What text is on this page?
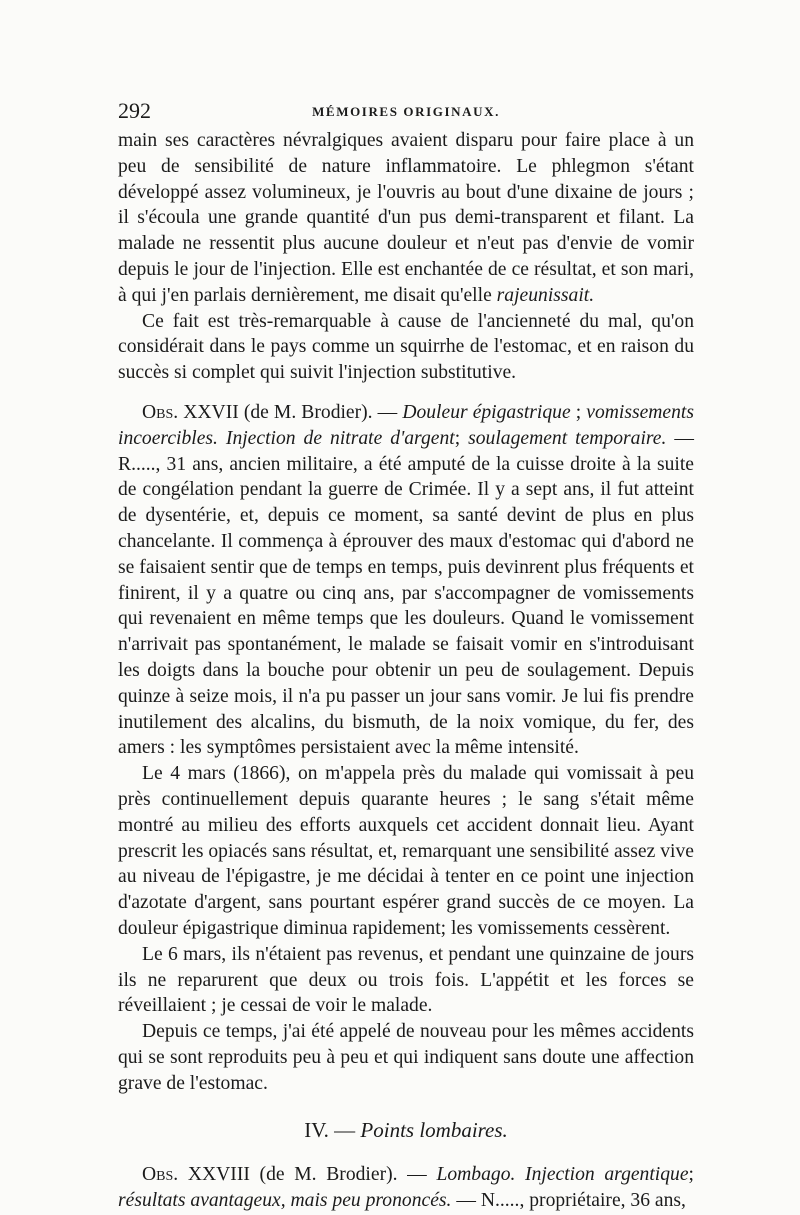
292	MÉMOIRES ORIGINAUX.

main ses caractères névralgiques avaient disparu pour faire place à un peu de sensibilité de nature inflammatoire. Le phlegmon s'étant développé assez volumineux, je l'ouvris au bout d'une dixaine de jours ; il s'écoula une grande quantité d'un pus demi-transparent et filant. La malade ne ressentit plus aucune douleur et n'eut pas d'envie de vomir depuis le jour de l'injection. Elle est enchantée de ce résultat, et son mari, à qui j'en parlais dernièrement, me disait qu'elle rajeunissait.

Ce fait est très-remarquable à cause de l'ancienneté du mal, qu'on considérait dans le pays comme un squirrhe de l'estomac, et en raison du succès si complet qui suivit l'injection substitutive.

Obs. XXVII (de M. Brodier). — Douleur épigastrique ; vomissements incoercibles. Injection de nitrate d'argent; soulagement temporaire. — R....., 31 ans, ancien militaire, a été amputé de la cuisse droite à la suite de congélation pendant la guerre de Crimée. Il y a sept ans, il fut atteint de dysentérie, et, depuis ce moment, sa santé devint de plus en plus chancelante. Il commença à éprouver des maux d'estomac qui d'abord ne se faisaient sentir que de temps en temps, puis devinrent plus fréquents et finirent, il y a quatre ou cinq ans, par s'accompagner de vomissements qui revenaient en même temps que les douleurs. Quand le vomissement n'arrivait pas spontanément, le malade se faisait vomir en s'introduisant les doigts dans la bouche pour obtenir un peu de soulagement. Depuis quinze à seize mois, il n'a pu passer un jour sans vomir. Je lui fis prendre inutilement des alcalins, du bismuth, de la noix vomique, du fer, des amers : les symptômes persistaient avec la même intensité.

Le 4 mars (1866), on m'appela près du malade qui vomissait à peu près continuellement depuis quarante heures ; le sang s'était même montré au milieu des efforts auxquels cet accident donnait lieu. Ayant prescrit les opiacés sans résultat, et, remarquant une sensibilité assez vive au niveau de l'épigastre, je me décidai à tenter en ce point une injection d'azotate d'argent, sans pourtant espérer grand succès de ce moyen. La douleur épigastrique diminua rapidement; les vomissements cessèrent.

Le 6 mars, ils n'étaient pas revenus, et pendant une quinzaine de jours ils ne reparurent que deux ou trois fois. L'appétit et les forces se réveillaient ; je cessai de voir le malade.

Depuis ce temps, j'ai été appelé de nouveau pour les mêmes accidents qui se sont reproduits peu à peu et qui indiquent sans doute une affection grave de l'estomac.

IV. — Points lombaires.

Obs. XXVIII (de M. Brodier). — Lombago. Injection argentique; résultats avantageux, mais peu prononcés. — N....., propriétaire, 36 ans,
